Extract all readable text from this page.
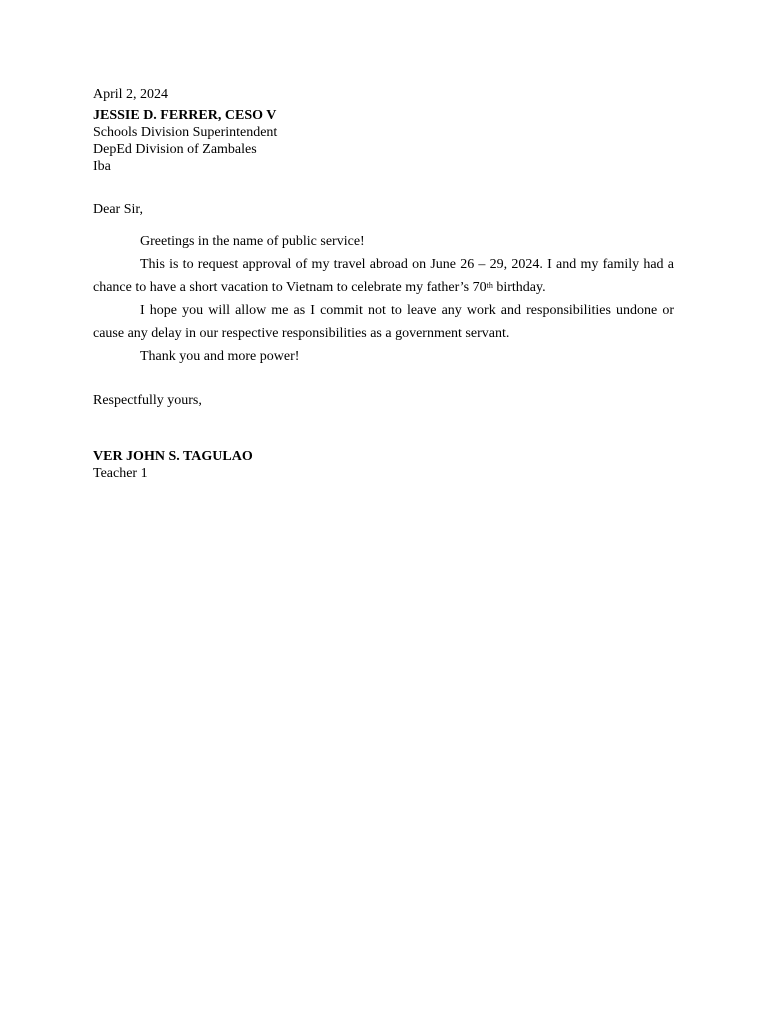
April 2, 2024
JESSIE D. FERRER, CESO V
Schools Division Superintendent
DepEd Division of Zambales
Iba
Dear Sir,

Greetings in the name of public service!

This is to request approval of my travel abroad on June 26 – 29, 2024. I and my family had a chance to have a short vacation to Vietnam to celebrate my father’s 70th birthday.

I hope you will allow me as I commit not to leave any work and responsibilities undone or cause any delay in our respective responsibilities as a government servant.

Thank you and more power!

Respectfully yours,
VER JOHN S. TAGULAO
Teacher 1
